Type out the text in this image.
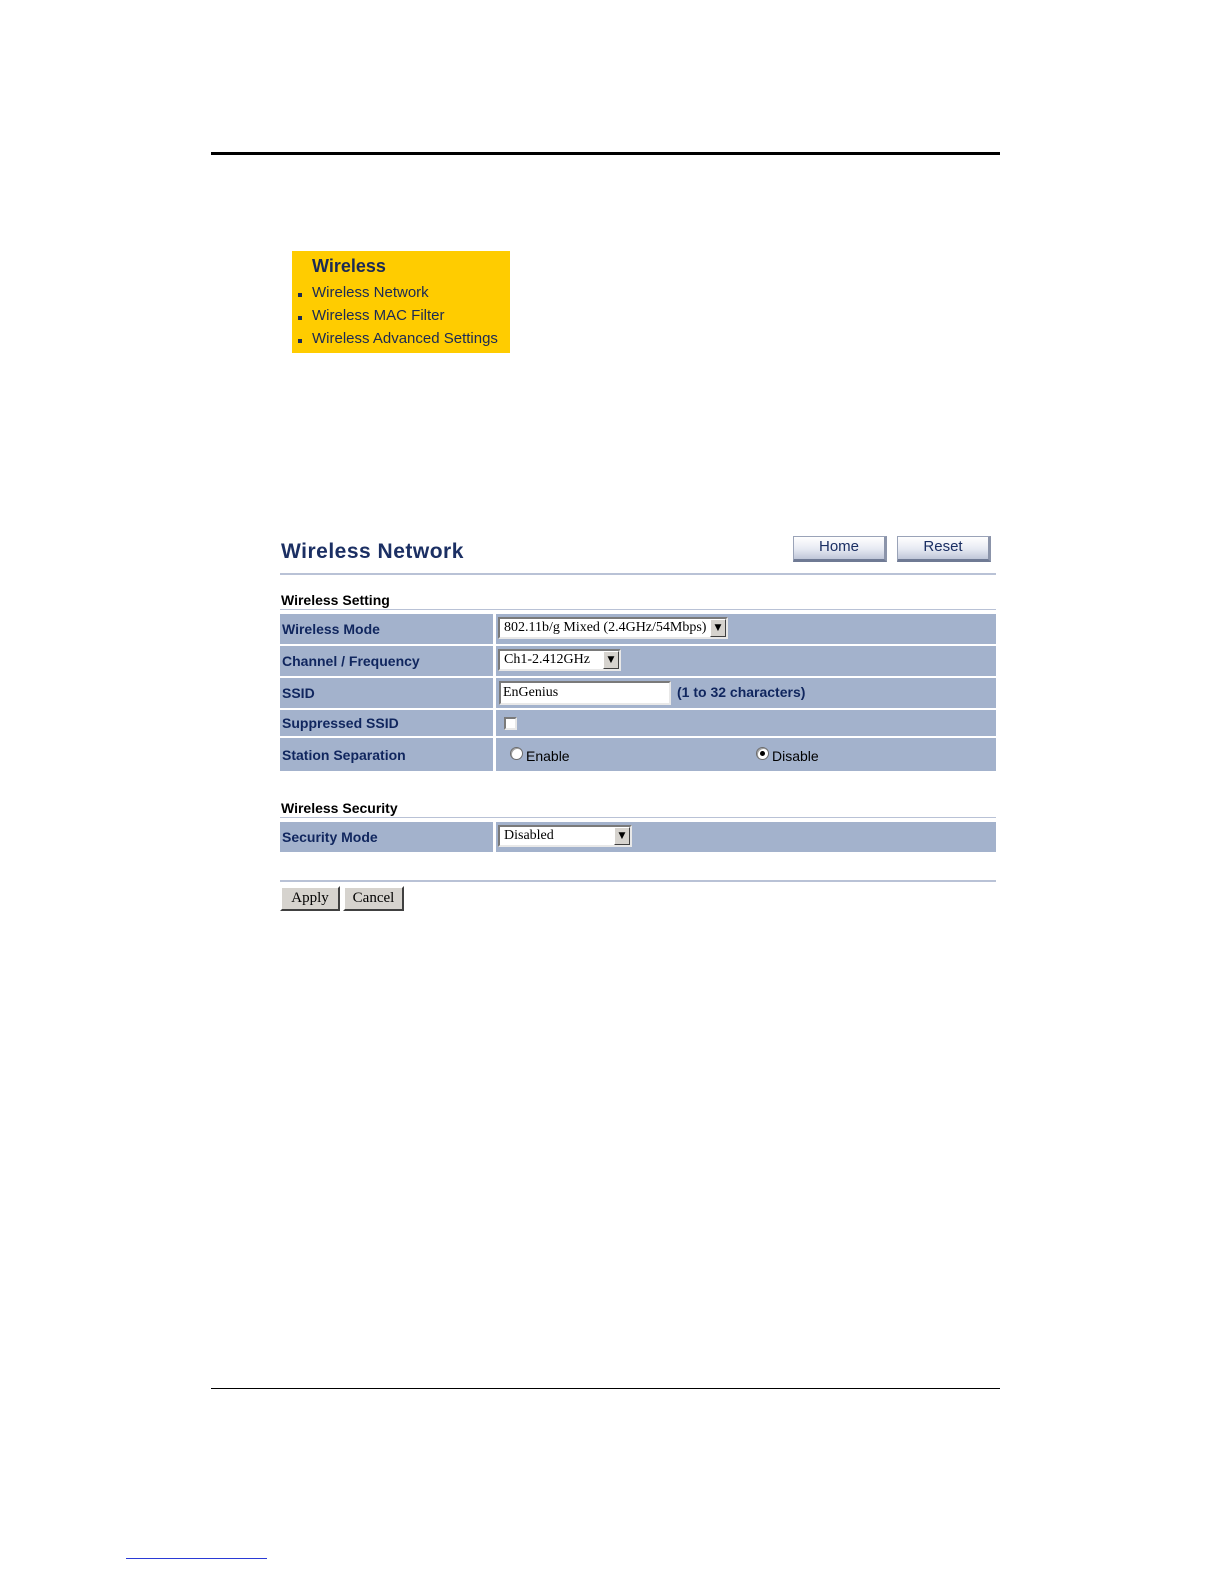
Wireless
Wireless Network
Wireless MAC Filter
Wireless Advanced Settings
Wireless Network	Home	Reset
Wireless Setting
Wireless Mode	802.11b/g Mixed (2.4GHz/54Mbps) ▼
Channel / Frequency	Ch1-2.412GHz	▼
SSID	EnGenius	(1 to 32 characters)
Suppressed SSID
Station Separation	Enable	Disable
Wireless Security
Security Mode	Disabled	▼
Apply	Cancel
